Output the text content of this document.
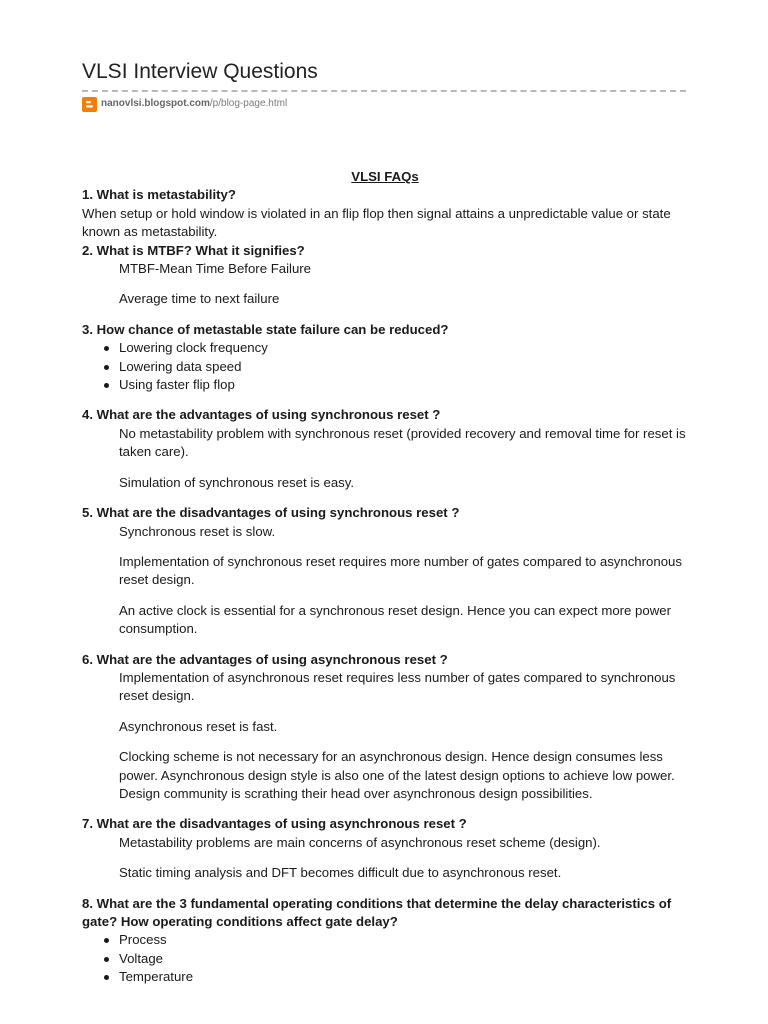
VLSI Interview Questions
nanovlsi.blogspot.com /p/blog-page.html

VLSI FAQs

1. What is metastability?

When setup or hold window is violated in an flip flop then signal attains a unpredictable value or state known as metastability.

2. What is MTBF? What it signifies?

MTBF-Mean Time Before Failure

Average time to next failure

3. How chance of metastable state failure can be reduced?

Lowering clock frequency
Lowering data speed
Using faster flip flop

4. What are the advantages of using synchronous reset ?

No metastability problem with synchronous reset (provided recovery and removal time for reset is taken care).

Simulation of synchronous reset is easy.

5. What are the disadvantages of using synchronous reset ?

Synchronous reset is slow.

Implementation of synchronous reset requires more number of gates compared to asynchronous reset design.

An active clock is essential for a synchronous reset design. Hence you can expect more power consumption.

6. What are the advantages of using asynchronous reset ?

Implementation of asynchronous reset requires less number of gates compared to synchronous reset design.

Asynchronous reset is fast.

Clocking scheme is not necessary for an asynchronous design. Hence design consumes less power. Asynchronous design style is also one of the latest design options to achieve low power. Design community is scrathing their head over asynchronous design possibilities.

7. What are the disadvantages of using asynchronous reset ?

Metastability problems are main concerns of asynchronous reset scheme (design).

Static timing analysis and DFT becomes difficult due to asynchronous reset.

8. What are the 3 fundamental operating conditions that determine the delay characteristics of gate? How operating conditions affect gate delay?

Process
Voltage
Temperature
